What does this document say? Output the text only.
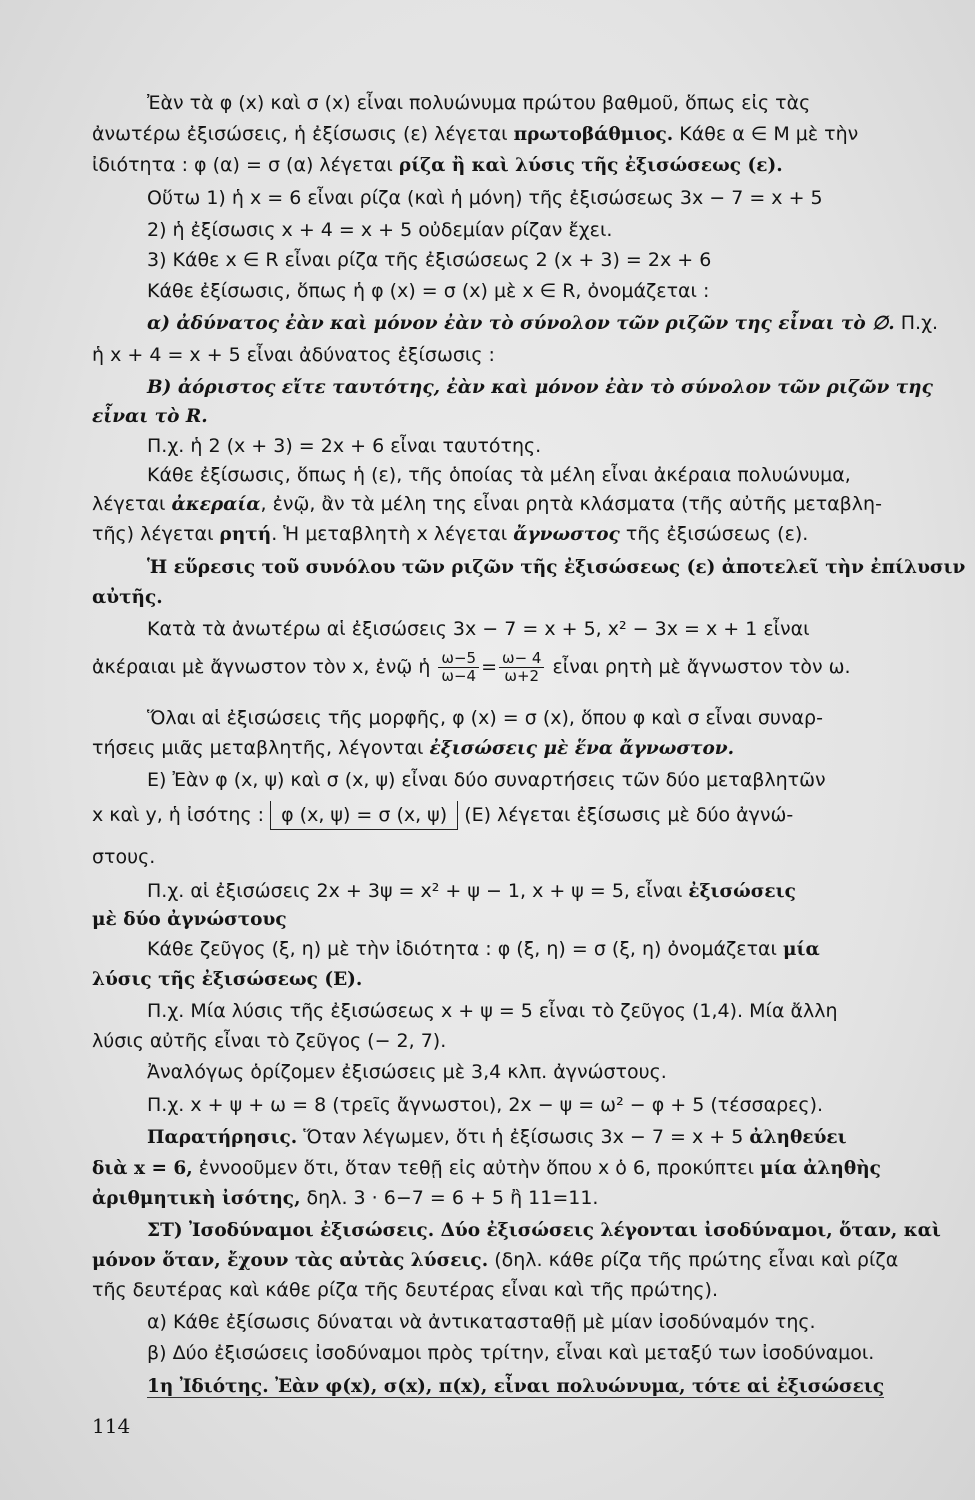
Ἐὰν τὰ φ (x) καὶ σ (x) εἶναι πολυώνυμα πρώτου βαθμοῦ, ὅπως εἰς τὰς
ἀνωτέρω ἐξισώσεις, ἡ ἐξίσωσις (ε) λέγεται πρωτοβάθμιος. Κάθε α ∈ Μ μὲ τὴν
ἰδιότητα : φ (α) = σ (α) λέγεται ρίζα ἢ καὶ λύσις τῆς ἐξισώσεως (ε).
Οὕτω 1) ἡ x = 6 εἶναι ρίζα (καὶ ἡ μόνη) τῆς ἐξισώσεως 3x − 7 = x + 5
2) ἡ ἐξίσωσις x + 4 = x + 5 οὐδεμίαν ρίζαν ἔχει.
3) Κάθε x ∈ R εἶναι ρίζα τῆς ἐξισώσεως 2 (x + 3) = 2x + 6
Κάθε ἐξίσωσις, ὅπως ἡ φ (x) = σ (x) μὲ x ∈ R, ὀνομάζεται :
α) ἀδύνατος ἐὰν καὶ μόνον ἐὰν τὸ σύνολον τῶν ριζῶν της εἶναι τὸ ∅. Π.χ.
ἡ x + 4 = x + 5 εἶναι ἀδύνατος ἐξίσωσις :
Β) ἀόριστος εἴτε ταυτότης, ἐὰν καὶ μόνον ἐὰν τὸ σύνολον τῶν ριζῶν της
εἶναι τὸ R.
Π.χ. ἡ 2 (x + 3) = 2x + 6 εἶναι ταυτότης.
Κάθε ἐξίσωσις, ὅπως ἡ (ε), τῆς ὁποίας τὰ μέλη εἶναι ἀκέραια πολυώνυμα,
λέγεται ἀκεραία, ἐνῷ, ἂν τὰ μέλη της εἶναι ρητὰ κλάσματα (τῆς αὐτῆς μεταβλη-
τῆς) λέγεται ρητή. Ἡ μεταβλητὴ x λέγεται ἄγνωστος τῆς ἐξισώσεως (ε).
Ἡ εὕρεσις τοῦ συνόλου τῶν ριζῶν τῆς ἐξισώσεως (ε) ἀποτελεῖ τὴν ἐπίλυσιν
αὐτῆς.
Κατὰ τὰ ἀνωτέρω αἱ ἐξισώσεις 3x − 7 = x + 5, x² − 3x = x + 1 εἶναι
ἀκέραιαι μὲ ἄγνωστον τὸν x, ἐνῷ ἡ $\frac{\omega-5}{\omega-4} = \frac{\omega- 4}{\omega+2}$ εἶναι ρητὴ μὲ ἄγνωστον τὸν ω.
Ὅλαι αἱ ἐξισώσεις τῆς μορφῆς, φ (x) = σ (x), ὅπου φ καὶ σ εἶναι συναρ-
τήσεις μιᾶς μεταβλητῆς, λέγονται ἐξισώσεις μὲ ἕνα ἄγνωστον.
Ε) Ἐὰν φ (x, ψ) καὶ σ (x, ψ) εἶναι δύο συναρτήσεις τῶν δύο μεταβλητῶν
x καὶ y, ἡ ἰσότης : φ (x, ψ) = σ (x, ψ) (Ε) λέγεται ἐξίσωσις μὲ δύο ἀγνώ-
στους.
Π.χ. αἱ ἐξισώσεις 2x + 3ψ = x² + ψ − 1, x + ψ = 5, εἶναι ἐξισώσεις
μὲ δύο ἀγνώστους
Κάθε ζεῦγος (ξ, η) μὲ τὴν ἰδιότητα : φ (ξ, η) = σ (ξ, η) ὀνομάζεται μία
λύσις τῆς ἐξισώσεως (Ε).
Π.χ. Μία λύσις τῆς ἐξισώσεως x + ψ = 5 εἶναι τὸ ζεῦγος (1,4). Μία ἄλλη
λύσις αὐτῆς εἶναι τὸ ζεῦγος (− 2, 7).
Ἀναλόγως ὁρίζομεν ἐξισώσεις μὲ 3,4 κλπ. ἀγνώστους.
Π.χ. x + ψ + ω = 8 (τρεῖς ἄγνωστοι), 2x − ψ = ω² − φ + 5 (τέσσαρες).
Παρατήρησις. Ὅταν λέγωμεν, ὅτι ἡ ἐξίσωσις 3x − 7 = x + 5 ἀληθεύει
διὰ x = 6, ἐννοοῦμεν ὅτι, ὅταν τεθῇ εἰς αὐτὴν ὅπου x ὁ 6, προκύπτει μία ἀληθὴς
ἀριθμητικὴ ἰσότης, δηλ. 3 · 6−7 = 6 + 5 ἢ 11=11.
ΣΤ) Ἰσοδύναμοι ἐξισώσεις. Δύο ἐξισώσεις λέγονται ἰσοδύναμοι, ὅταν, καὶ
μόνον ὅταν, ἔχουν τὰς αὐτὰς λύσεις. (δηλ. κάθε ρίζα τῆς πρώτης εἶναι καὶ ρίζα
τῆς δευτέρας καὶ κάθε ρίζα τῆς δευτέρας εἶναι καὶ τῆς πρώτης).
α) Κάθε ἐξίσωσις δύναται νὰ ἀντικατασταθῇ μὲ μίαν ἰσοδύναμόν της.
β) Δύο ἐξισώσεις ἰσοδύναμοι πρὸς τρίτην, εἶναι καὶ μεταξύ των ἰσοδύναμοι.
1η Ἰδιότης. Ἐὰν φ(x), σ(x), π(x), εἶναι πολυώνυμα, τότε αἱ ἐξισώσεις
114
